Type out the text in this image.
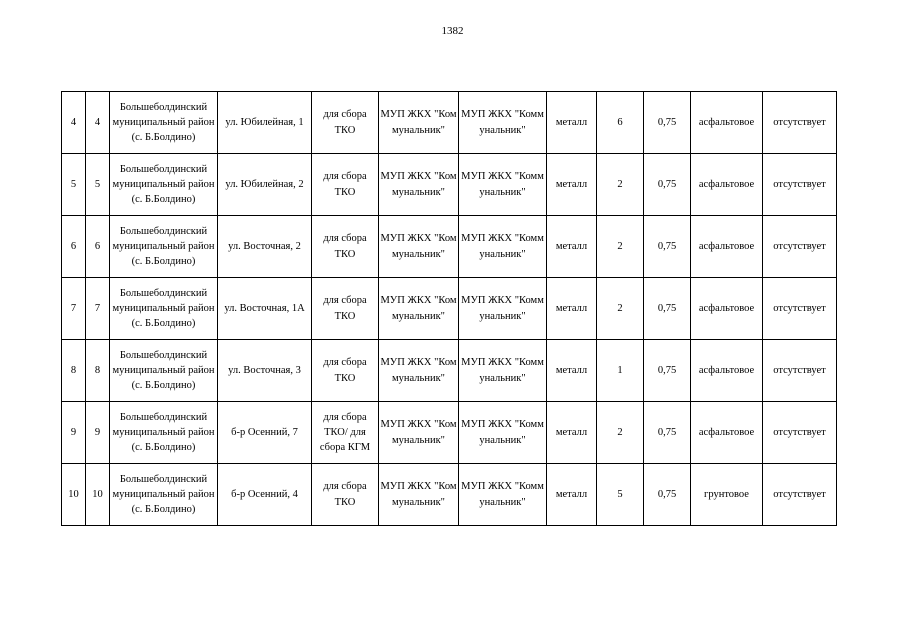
1382
4	4	Большеболдинский муниципальный район (с. Б.Болдино)	ул. Юбилейная, 1	для сбора ТКО	МУП ЖКХ "Коммунальник"	МУП ЖКХ "Коммунальник"	металл	6	0,75	асфальтовое	отсутствует
5	5	Большеболдинский муниципальный район (с. Б.Болдино)	ул. Юбилейная, 2	для сбора ТКО	МУП ЖКХ "Коммунальник"	МУП ЖКХ "Коммунальник"	металл	2	0,75	асфальтовое	отсутствует
6	6	Большеболдинский муниципальный район (с. Б.Болдино)	ул. Восточная, 2	для сбора ТКО	МУП ЖКХ "Коммунальник"	МУП ЖКХ "Коммунальник"	металл	2	0,75	асфальтовое	отсутствует
7	7	Большеболдинский муниципальный район (с. Б.Болдино)	ул. Восточная, 1А	для сбора ТКО	МУП ЖКХ "Коммунальник"	МУП ЖКХ "Коммунальник"	металл	2	0,75	асфальтовое	отсутствует
8	8	Большеболдинский муниципальный район (с. Б.Болдино)	ул. Восточная, 3	для сбора ТКО	МУП ЖКХ "Коммунальник"	МУП ЖКХ "Коммунальник"	металл	1	0,75	асфальтовое	отсутствует
9	9	Большеболдинский муниципальный район (с. Б.Болдино)	б-р Осенний, 7	для сбора ТКО/ для сбора КГМ	МУП ЖКХ "Коммунальник"	МУП ЖКХ "Коммунальник"	металл	2	0,75	асфальтовое	отсутствует
10	10	Большеболдинский муниципальный район (с. Б.Болдино)	б-р Осенний, 4	для сбора ТКО	МУП ЖКХ "Коммунальник"	МУП ЖКХ "Коммунальник"	металл	5	0,75	грунтовое	отсутствует
